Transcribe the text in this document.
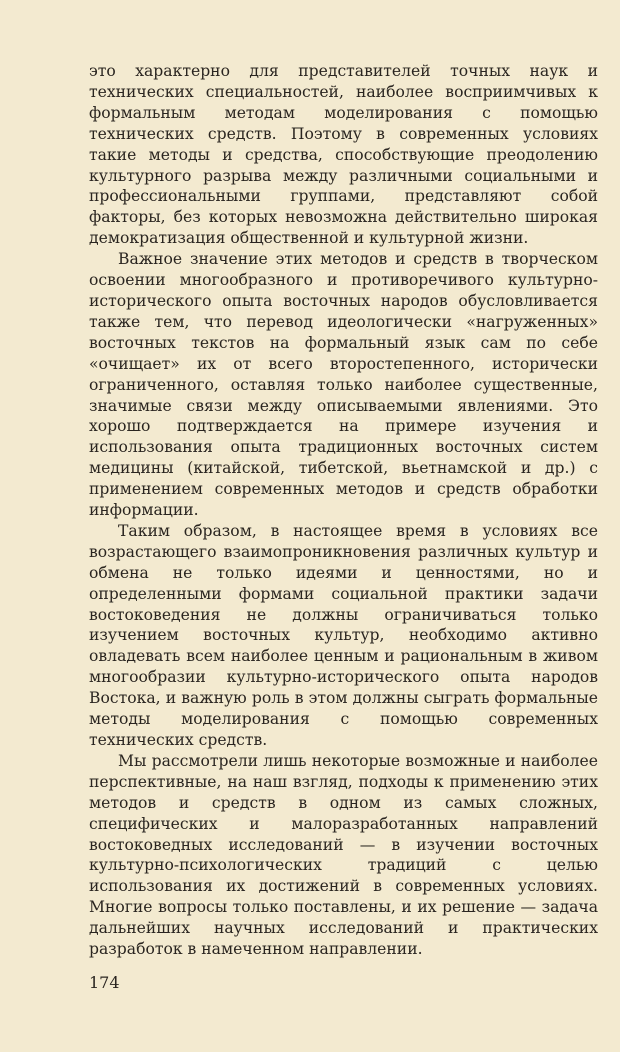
это характерно для представителей точных наук и технических специальностей, наиболее восприимчивых к формальным методам моделирования с помощью технических средств. Поэтому в современных условиях такие методы и средства, способствующие преодолению культурного разрыва между различными социальными и профессиональными группами, представляют собой факторы, без которых невозможна действительно широкая демократизация общественной и культурной жизни.

Важное значение этих методов и средств в творческом освоении многообразного и противоречивого культурно-исторического опыта восточных народов обусловливается также тем, что перевод идеологически «нагруженных» восточных текстов на формальный язык сам по себе «очищает» их от всего второстепенного, исторически ограниченного, оставляя только наиболее существенные, значимые связи между описываемыми явлениями. Это хорошо подтверждается на примере изучения и использования опыта традиционных восточных систем медицины (китайской, тибетской, вьетнамской и др.) с применением современных методов и средств обработки информации.

Таким образом, в настоящее время в условиях все возрастающего взаимопроникновения различных культур и обмена не только идеями и ценностями, но и определенными формами социальной практики задачи востоковедения не должны ограничиваться только изучением восточных культур, необходимо активно овладевать всем наиболее ценным и рациональным в живом многообразии культурно-исторического опыта народов Востока, и важную роль в этом должны сыграть формальные методы моделирования с помощью современных технических средств.

Мы рассмотрели лишь некоторые возможные и наиболее перспективные, на наш взгляд, подходы к применению этих методов и средств в одном из самых сложных, специфических и малоразработанных направлений востоковедных исследований — в изучении восточных культурно-психологических традиций с целью использования их достижений в современных условиях. Многие вопросы только поставлены, и их решение — задача дальнейших научных исследований и практических разработок в намеченном направлении.

174
